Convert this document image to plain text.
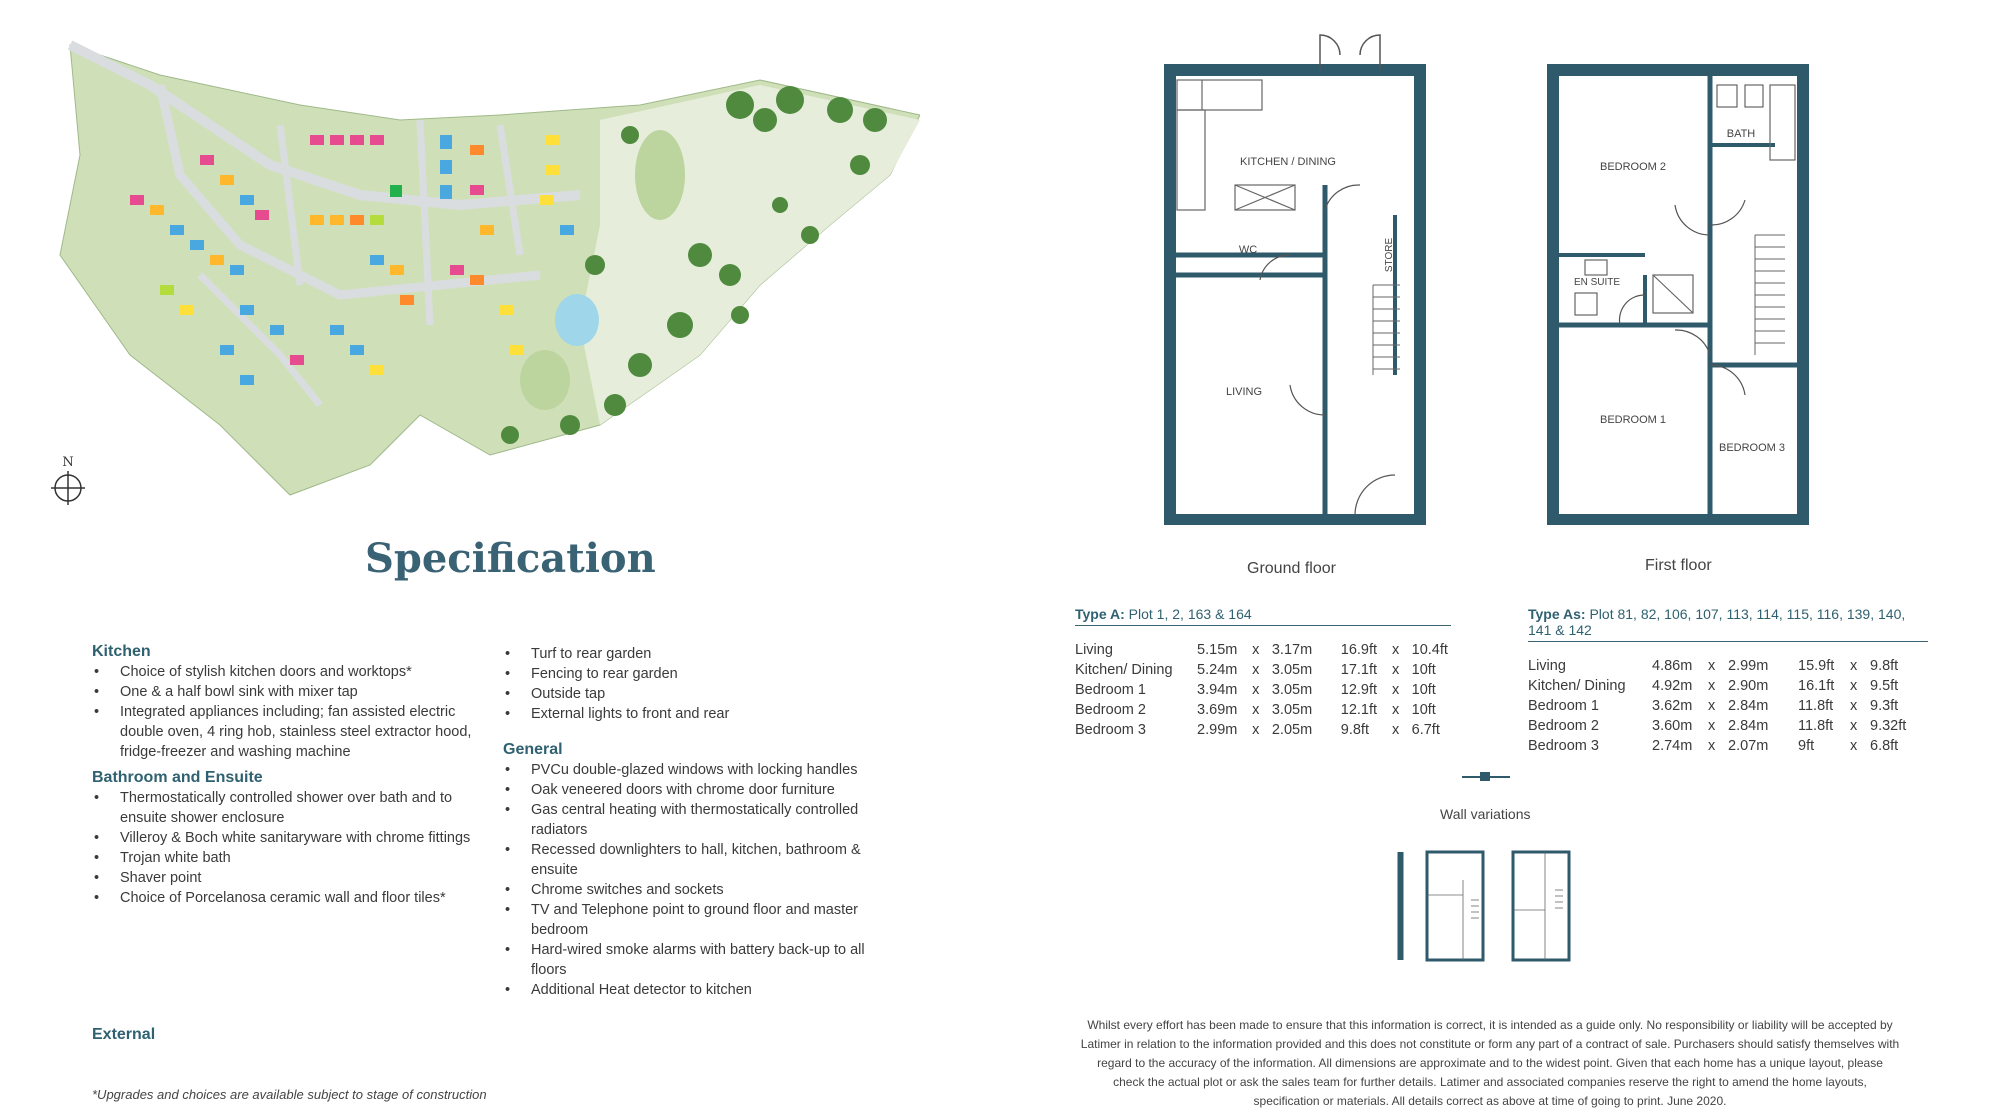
N
Specification
Kitchen
• Choice of stylish kitchen doors and worktops*
• One & a half bowl sink with mixer tap
• Integrated appliances including; fan assisted electric double oven, 4 ring hob, stainless steel extractor hood, fridge-freezer and washing machine
Bathroom and Ensuite
• Thermostatically controlled shower over bath and to ensuite shower enclosure
• Villeroy & Boch white sanitaryware with chrome fittings
• Trojan white bath
• Shaver point
• Choice of Porcelanosa ceramic wall and floor tiles*
External
• Turf to rear garden
• Fencing to rear garden
• Outside tap
• External lights to front and rear
General
• PVCu double-glazed windows with locking handles
• Oak veneered doors with chrome door furniture
• Gas central heating with thermostatically controlled radiators
• Recessed downlighters to hall, kitchen, bathroom & ensuite
• Chrome switches and sockets
• TV and Telephone point to ground floor and master bedroom
• Hard-wired smoke alarms with battery back-up to all floors
• Additional Heat detector to kitchen
*Upgrades and choices are available subject to stage of construction
KITCHEN / DINING
WC	STORE
LIVING
Ground floor
BEDROOM 2
BATH
EN SUITE
BEDROOM 1
BEDROOM 3
First floor
Type A: Plot 1, 2, 163 & 164
Living	5.15m	x 3.17m	16.9ft	x 10.4ft
Kitchen/ Dining	5.24m	x 3.05m	17.1ft	x 10ft
Bedroom 1	3.94m	x 3.05m	12.9ft	x 10ft
Bedroom 2	3.69m	x 3.05m	12.1ft	x 10ft
Bedroom 3	2.99m	x 2.05m	9.8ft	x 6.7ft
Type As: Plot 81, 82, 106, 107, 113, 114, 115, 116, 139, 140, 141 & 142
Living	4.86m	x 2.99m	15.9ft	x 9.8ft
Kitchen/ Dining	4.92m	x 2.90m	16.1ft	x 9.5ft
Bedroom 1	3.62m	x 2.84m	11.8ft	x 9.3ft
Bedroom 2	3.60m	x 2.84m	11.8ft	x 9.32ft
Bedroom 3	2.74m	x 2.07m	9ft	x 6.8ft
Wall variations
Whilst every effort has been made to ensure that this information is correct, it is intended as a guide only. No responsibility or liability will be accepted by Latimer in relation to the information provided and this does not constitute or form any part of a contract of sale. Purchasers should satisfy themselves with regard to the accuracy of the information. All dimensions are approximate and to the widest point. Given that each home has a unique layout, please check the actual plot or ask the sales team for further details. Latimer and associated companies reserve the right to amend the home layouts, specification or materials. All details correct as above at time of going to print. June 2020.
